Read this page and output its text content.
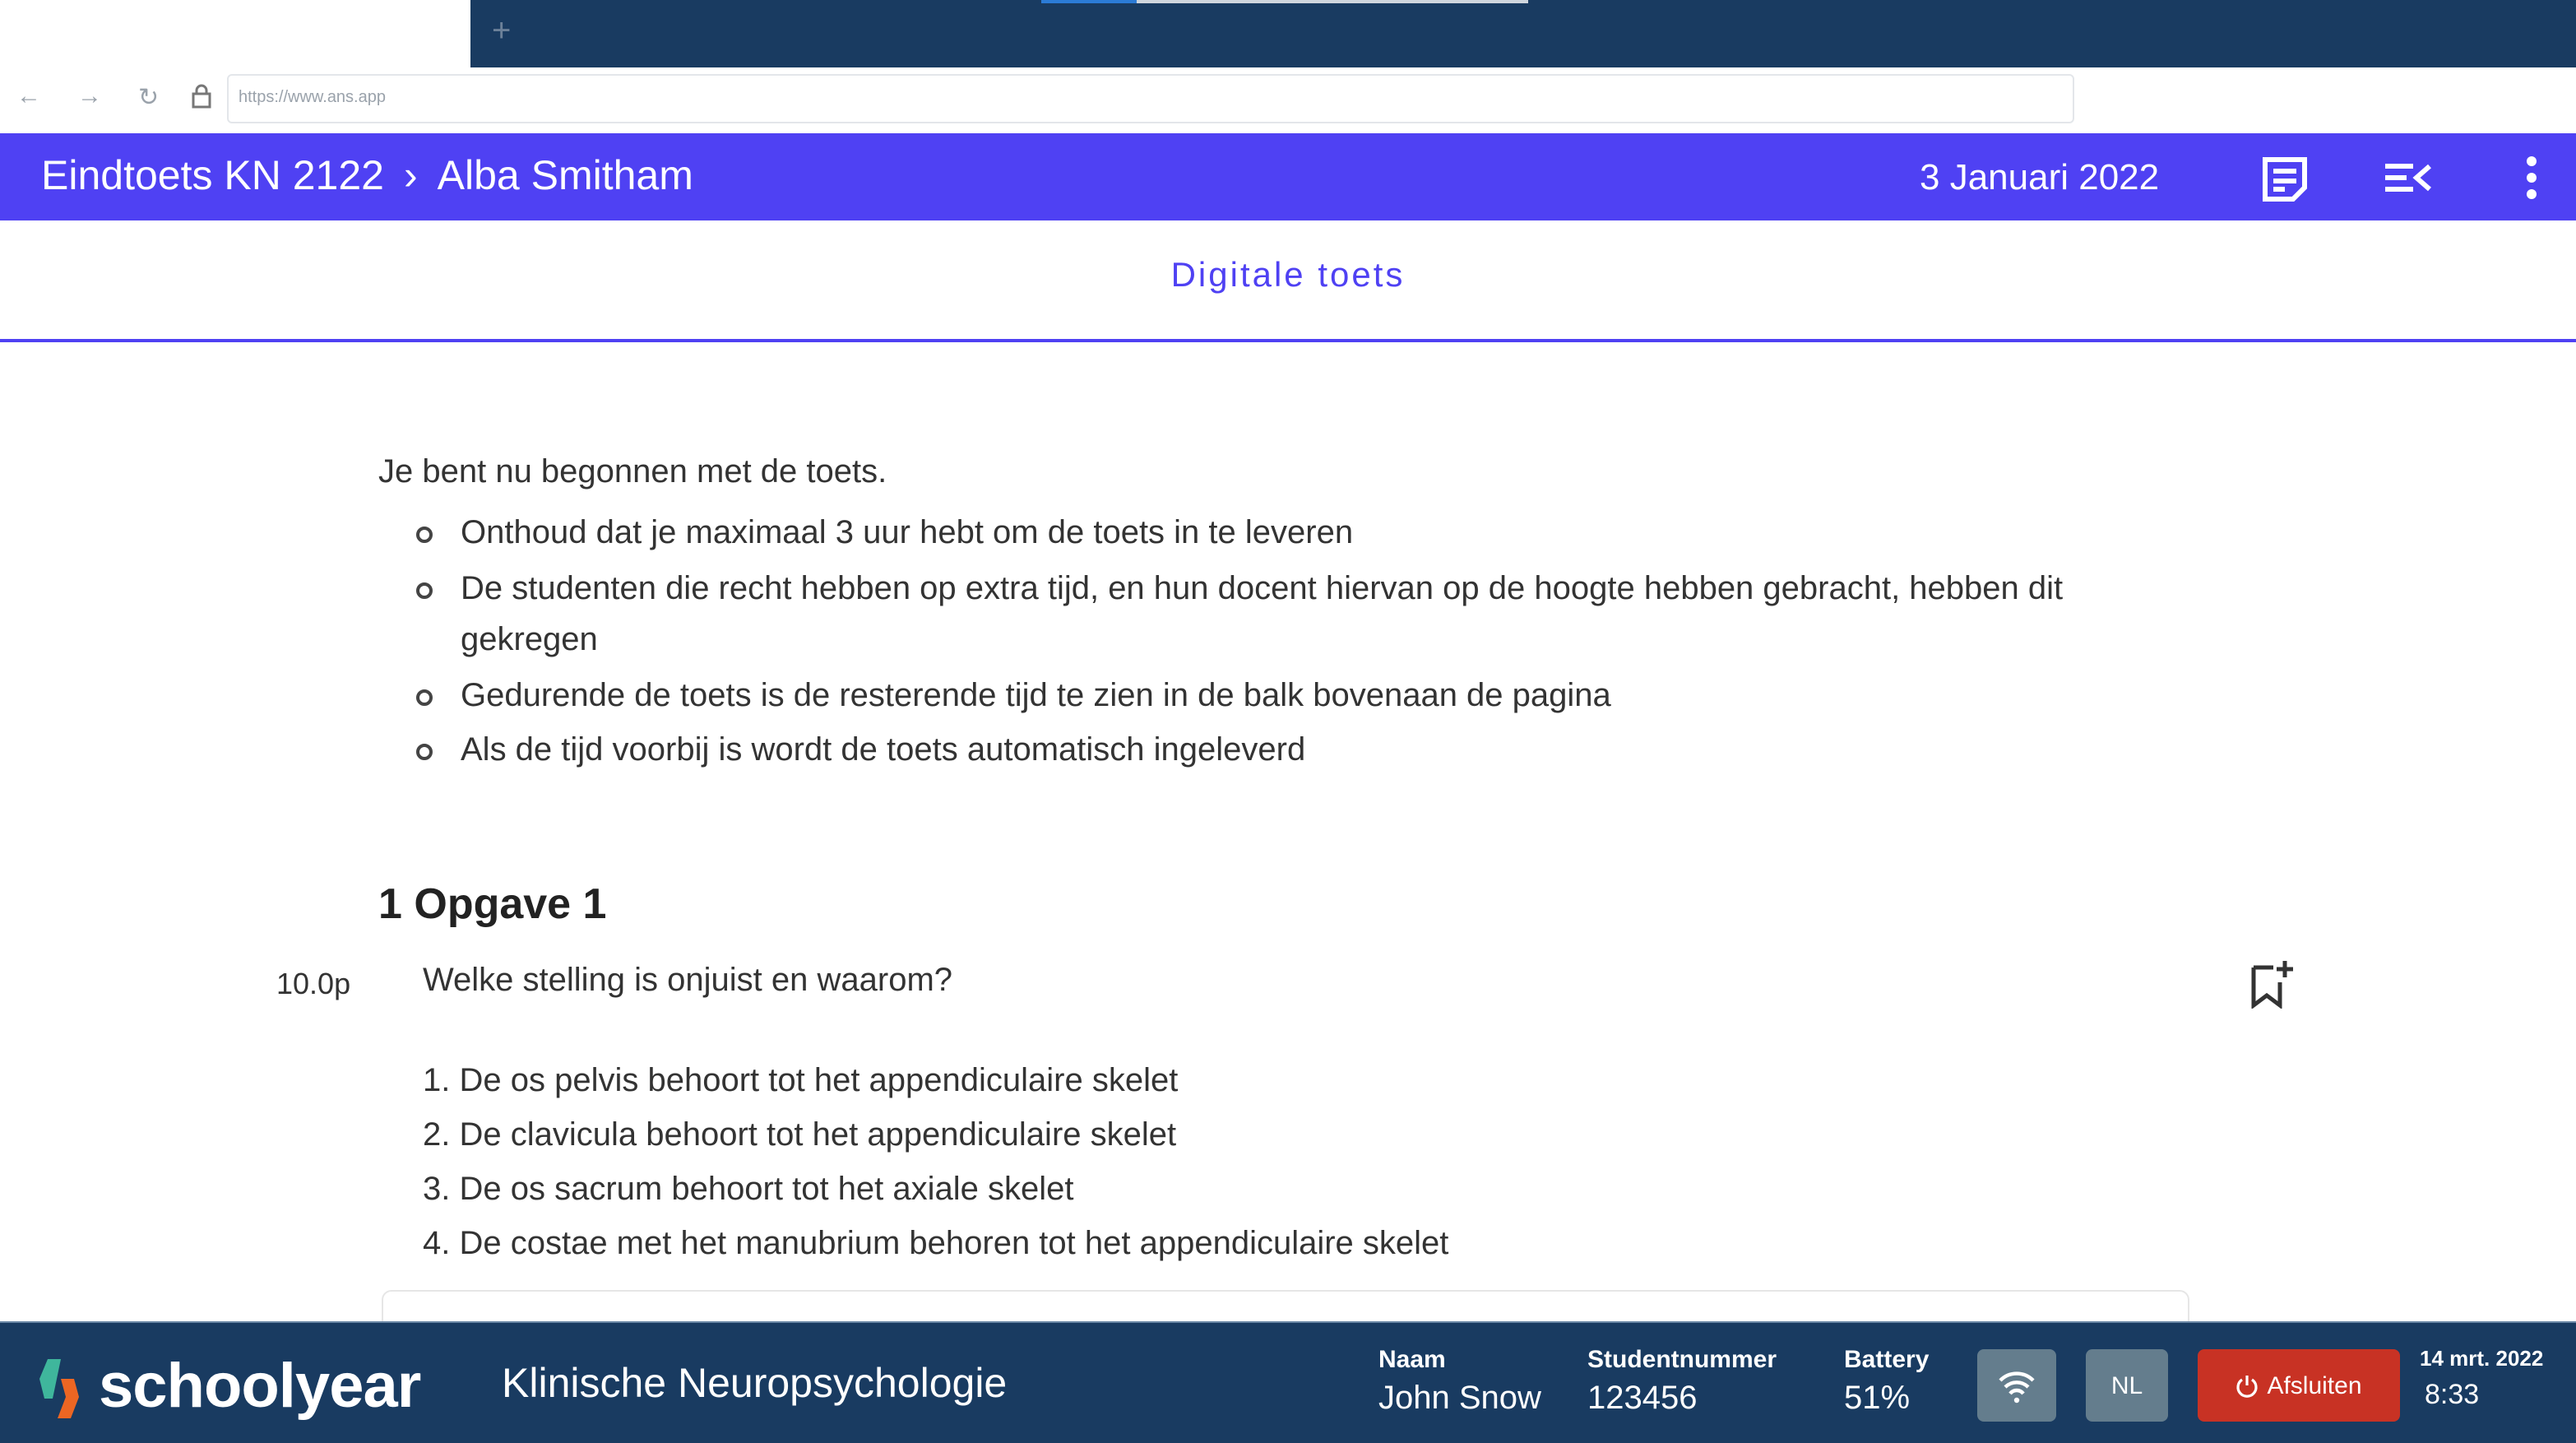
+
←	→	↻	https://www.ans.app
Eindtoets KN 2122 › Alba Smitham	3 Januari 2022
Digitale toets
Je bent nu begonnen met de toets.
Onthoud dat je maximaal 3 uur hebt om de toets in te leveren
De studenten die recht hebben op extra tijd, en hun docent hiervan op de hoogte hebben gebracht, hebben dit gekregen
Gedurende de toets is de resterende tijd te zien in de balk bovenaan de pagina
Als de tijd voorbij is wordt de toets automatisch ingeleverd
1 Opgave 1
10.0p	Welke stelling is onjuist en waarom?
1. De os pelvis behoort tot het appendiculaire skelet
2. De clavicula behoort tot het appendiculaire skelet
3. De os sacrum behoort tot het axiale skelet
4. De costae met het manubrium behoren tot het appendiculaire skelet
schoolyear	Klinische Neuropsychologie
Naam
John Snow
Studentnummer
123456
Battery
51%	NL	Afsluiten
14 mrt. 2022
8:33
